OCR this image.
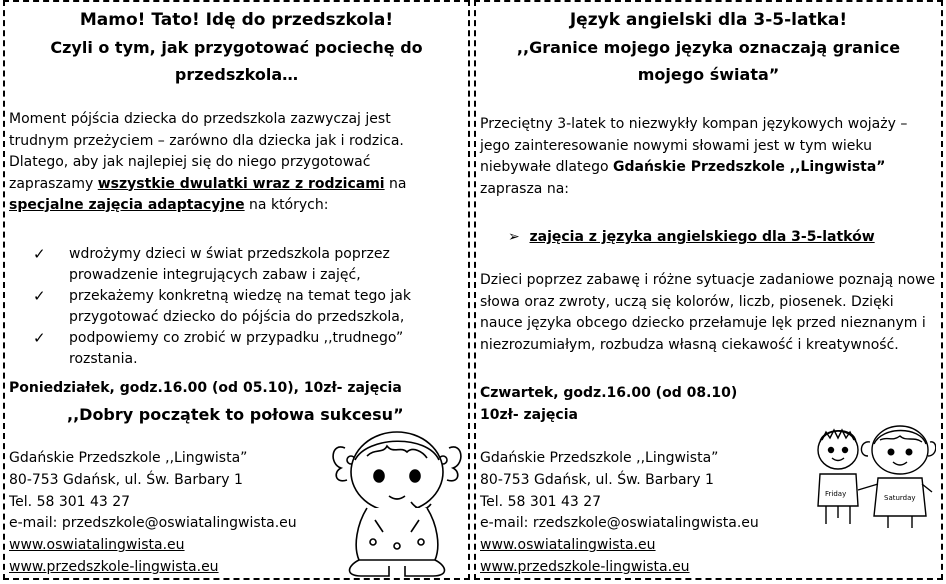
Mamo! Tato! Idę do przedszkola!
Czyli o tym, jak przygotować pociechę do
przedszkola…
Moment pójścia dziecka do przedszkola zazwyczaj jest trudnym przeżyciem – zarówno dla dziecka jak i rodzica. Dlatego, aby jak najlepiej się do niego przygotować zapraszamy wszystkie dwulatki wraz z rodzicami na specjalne zajęcia adaptacyjne na których:
✓ wdrożymy dzieci w świat przedszkola poprzez prowadzenie integrujących zabaw i zajęć,
✓ przekażemy konkretną wiedzę na temat tego jak przygotować dziecko do pójścia do przedszkola,
✓ podpowiemy co zrobić w przypadku ,,trudnego” rozstania.
Poniedziałek, godz.16.00 (od 05.10), 10zł- zajęcia
,,Dobry początek to połowa sukcesu”
Gdańskie Przedszkole ,,Lingwista”
80-753 Gdańsk, ul. Św. Barbary 1
Tel. 58 301 43 27
e-mail: przedszkole@oswiatalingwista.eu
www.oswiatalingwista.eu
www.przedszkole-lingwista.eu
Język angielski dla 3-5-latka!
,,Granice mojego języka oznaczają granice
mojego świata”
Przeciętny 3-latek to niezwykły kompan językowych wojaży – jego zainteresowanie nowymi słowami jest w tym wieku niebywałe dlatego Gdańskie Przedszkole ,,Lingwista” zaprasza na:
➢ zajęcia z języka angielskiego dla 3-5-latków
Dzieci poprzez zabawę i różne sytuacje zadaniowe poznają nowe słowa oraz zwroty, uczą się kolorów, liczb, piosenek. Dzięki nauce języka obcego dziecko przełamuje lęk przed nieznanym i niezrozumiałym, rozbudza własną ciekawość i kreatywność.
Czwartek, godz.16.00 (od 08.10)
10zł- zajęcia
Gdańskie Przedszkole ,,Lingwista”
80-753 Gdańsk, ul. Św. Barbary 1
Tel. 58 301 43 27
e-mail: rzedszkole@oswiatalingwista.eu
www.oswiatalingwista.eu
www.przedszkole-lingwista.eu
Friday	Saturday
